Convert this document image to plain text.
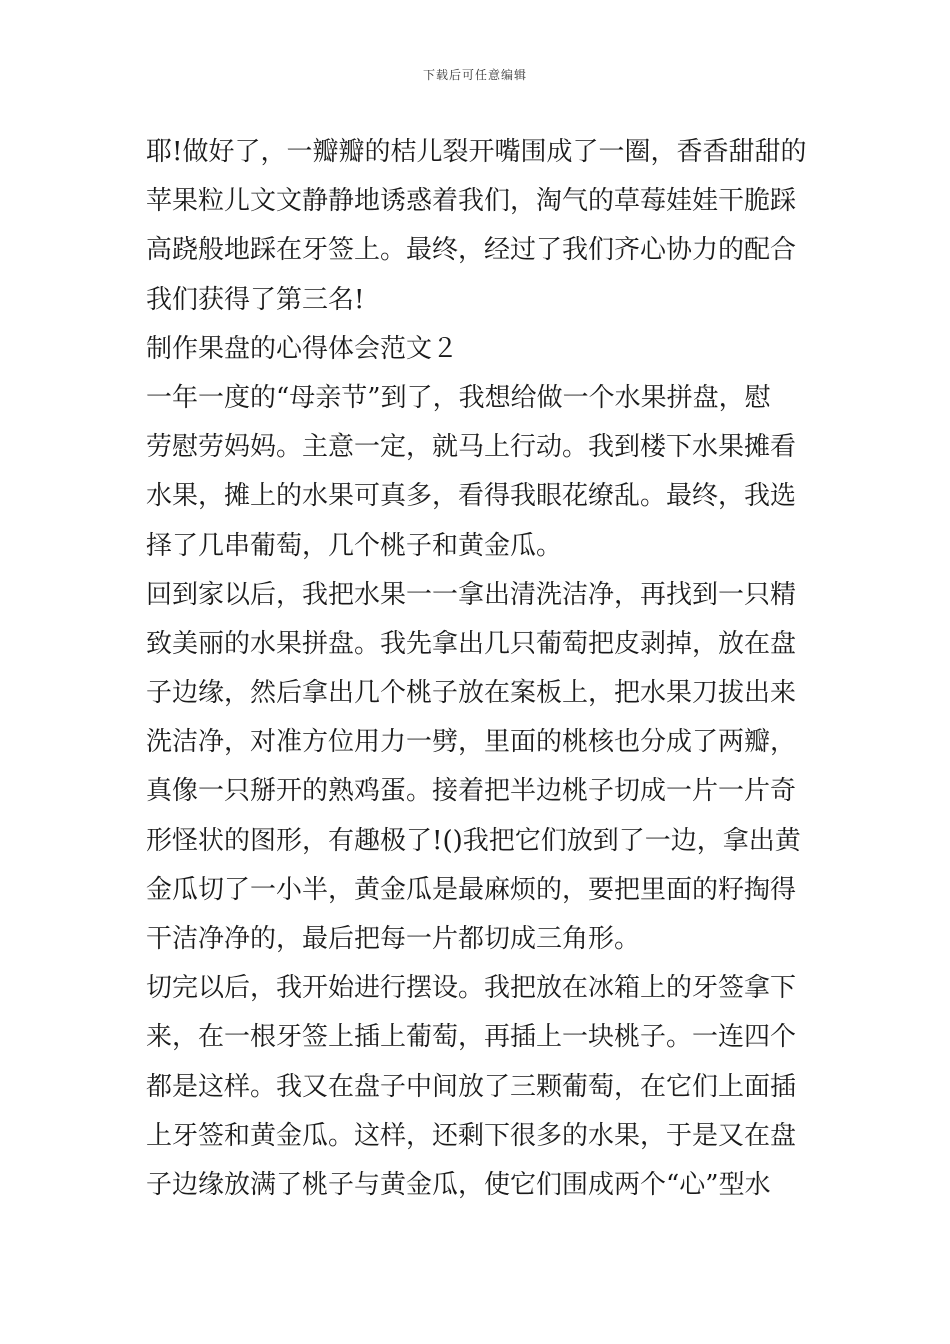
下载后可任意编辑
耶!做好了，一瓣瓣的桔儿裂开嘴围成了一圈，香香甜甜的
苹果粒儿文文静静地诱惑着我们，淘气的草莓娃娃干脆踩
高跷般地踩在牙签上。最终，经过了我们齐心协力的配合
我们获得了第三名!
制作果盘的心得体会范文２
一年一度的“母亲节”到了，我想给做一个水果拼盘，慰
劳慰劳妈妈。主意一定，就马上行动。我到楼下水果摊看
水果，摊上的水果可真多，看得我眼花缭乱。最终，我选
择了几串葡萄，几个桃子和黄金瓜。
回到家以后，我把水果一一拿出清洗洁净，再找到一只精
致美丽的水果拼盘。我先拿出几只葡萄把皮剥掉，放在盘
子边缘，然后拿出几个桃子放在案板上，把水果刀拔出来
洗洁净，对准方位用力一劈，里面的桃核也分成了两瓣，
真像一只掰开的熟鸡蛋。接着把半边桃子切成一片一片奇
形怪状的图形，有趣极了!()我把它们放到了一边，拿出黄
金瓜切了一小半，黄金瓜是最麻烦的，要把里面的籽掏得
干洁净净的，最后把每一片都切成三角形。
切完以后，我开始进行摆设。我把放在冰箱上的牙签拿下
来，在一根牙签上插上葡萄，再插上一块桃子。一连四个
都是这样。我又在盘子中间放了三颗葡萄，在它们上面插
上牙签和黄金瓜。这样，还剩下很多的水果，于是又在盘
子边缘放满了桃子与黄金瓜，使它们围成两个“心”型水
